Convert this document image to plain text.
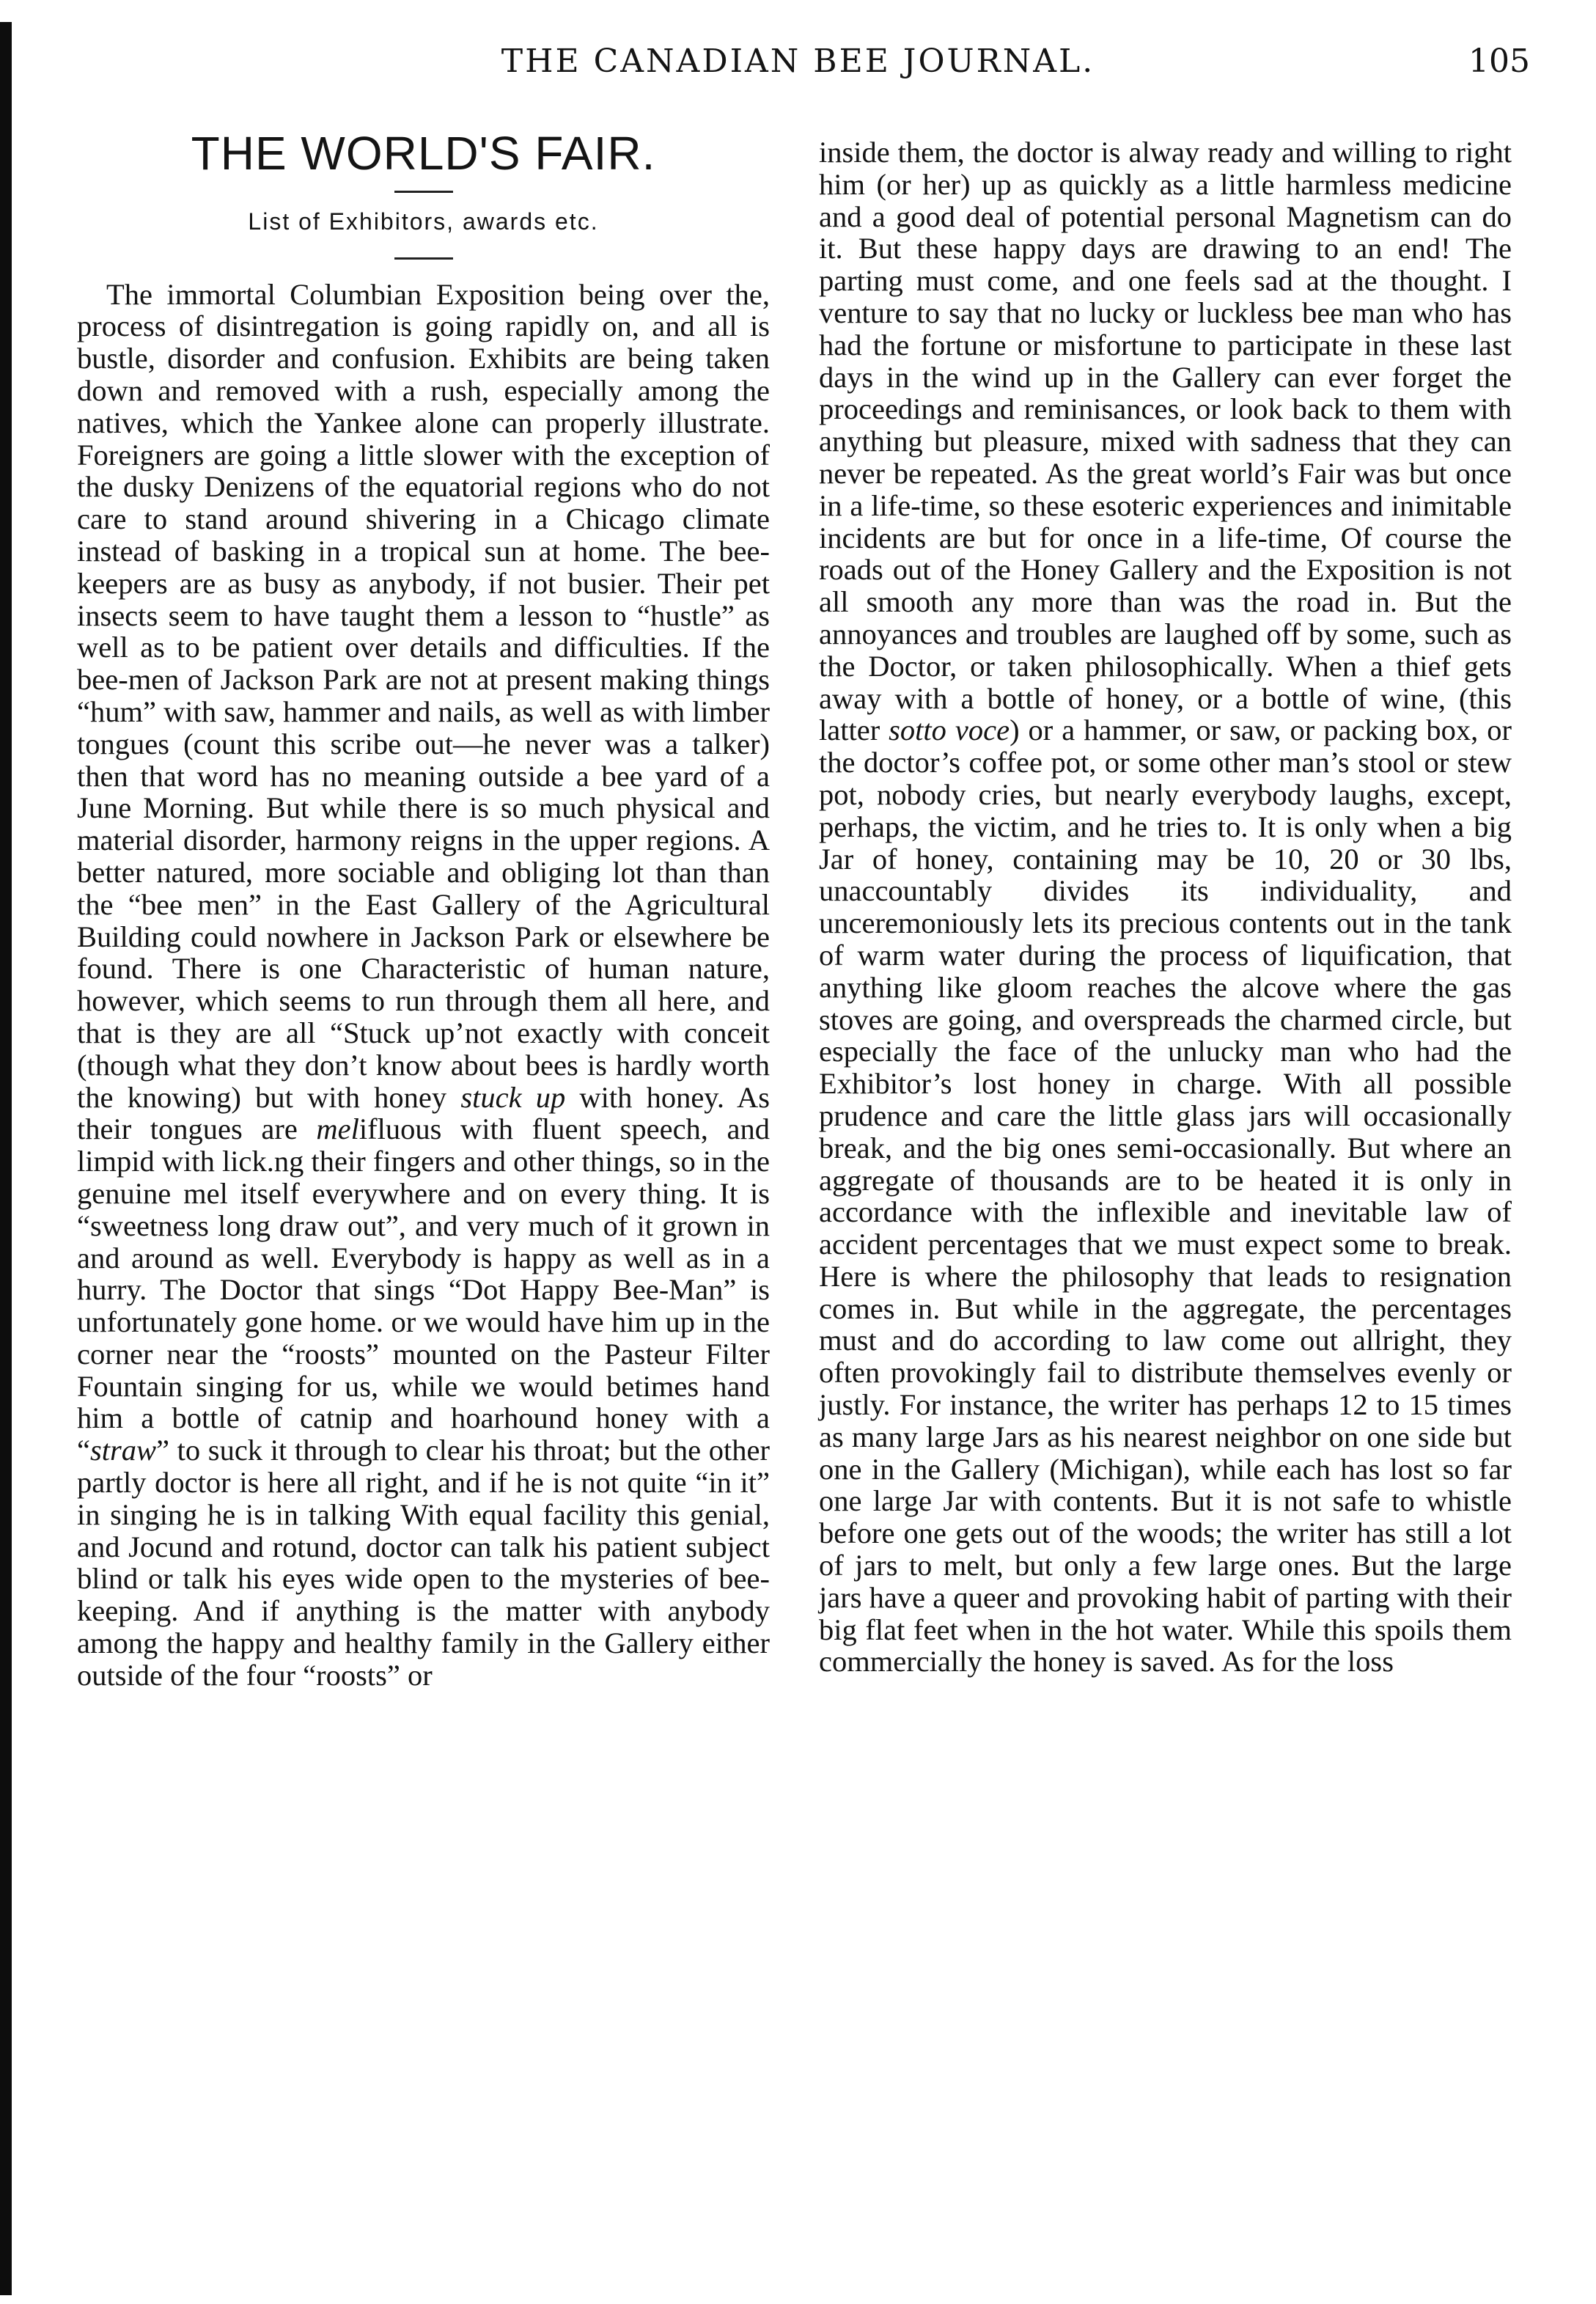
THE CANADIAN BEE JOURNAL.	105
THE WORLD'S FAIR.
List of Exhibitors, awards etc.

The immortal Columbian Exposition being over the, process of disintregation is going rapidly on, and all is bustle, disorder and confusion. Exhibits are being taken down and removed with a rush, especially among the natives, which the Yankee alone can properly illustrate. Foreigners are going a little slower with the exception of the dusky Denizens of the equatorial regions who do not care to stand around shivering in a Chicago climate instead of basking in a tropical sun at home. The bee-keepers are as busy as anybody, if not busier. Their pet insects seem to have taught them a lesson to “hustle” as well as to be patient over details and difficulties. If the bee-men of Jackson Park are not at present making things “hum” with saw, hammer and nails, as well as with limber tongues (count this scribe out—he never was a talker) then that word has no meaning outside a bee yard of a June Morning. But while there is so much physical and material disorder, harmony reigns in the upper regions. A better natured, more sociable and obliging lot than than the “bee men” in the East Gallery of the Agricultural Building could nowhere in Jackson Park or elsewhere be found. There is one Characteristic of human nature, however, which seems to run through them all here, and that is they are all “Stuck up’not exactly with conceit (though what they don’t know about bees is hardly worth the knowing) but with honey stuck up with honey. As their tongues are melifluous with fluent speech, and limpid with lick.ng their fingers and other things, so in the genuine mel itself everywhere and on every thing. It is “sweetness long draw out”, and very much of it grown in and around as well. Everybody is happy as well as in a hurry. The Doctor that sings “Dot Happy Bee-Man” is unfortunately gone home. or we would have him up in the corner near the “roosts” mounted on the Pasteur Filter Fountain singing for us, while we would betimes hand him a bottle of catnip and hoarhound honey with a “straw” to suck it through to clear his throat; but the other partly doctor is here all right, and if he is not quite “in it” in singing he is in talking With equal facility this genial, and Jocund and rotund, doctor can talk his patient subject blind or talk his eyes wide open to the mysteries of bee-keeping. And if anything is the matter with anybody among the happy and healthy family in the Gallery either outside of the four “roosts” or

inside them, the doctor is alway ready and willing to right him (or her) up as quickly as a little harmless medicine and a good deal of potential personal Magnetism can do it. But these happy days are drawing to an end! The parting must come, and one feels sad at the thought. I venture to say that no lucky or luckless bee man who has had the fortune or misfortune to participate in these last days in the wind up in the Gallery can ever forget the proceedings and reminisances, or look back to them with anything but pleasure, mixed with sadness that they can never be repeated. As the great world’s Fair was but once in a life-time, so these esoteric experiences and inimitable incidents are but for once in a life-time, Of course the roads out of the Honey Gallery and the Exposition is not all smooth any more than was the road in. But the annoyances and troubles are laughed off by some, such as the Doctor, or taken philosophically. When a thief gets away with a bottle of honey, or a bottle of wine, (this latter sotto voce) or a hammer, or saw, or packing box, or the doctor’s coffee pot, or some other man’s stool or stew pot, nobody cries, but nearly everybody laughs, except, perhaps, the victim, and he tries to. It is only when a big Jar of honey, containing may be 10, 20 or 30 lbs, unaccountably divides its individuality, and unceremoniously lets its precious contents out in the tank of warm water during the process of liquification, that anything like gloom reaches the alcove where the gas stoves are going, and overspreads the charmed circle, but especially the face of the unlucky man who had the Exhibitor’s lost honey in charge. With all possible prudence and care the little glass jars will occasionally break, and the big ones semi-occasionally. But where an aggregate of thousands are to be heated it is only in accordance with the inflexible and inevitable law of accident percentages that we must expect some to break. Here is where the philosophy that leads to resignation comes in. But while in the aggregate, the percentages must and do according to law come out allright, they often provokingly fail to distribute themselves evenly or justly. For instance, the writer has perhaps 12 to 15 times as many large Jars as his nearest neighbor on one side but one in the Gallery (Michigan), while each has lost so far one large Jar with contents. But it is not safe to whistle before one gets out of the woods; the writer has still a lot of jars to melt, but only a few large ones. But the large jars have a queer and provoking habit of parting with their big flat feet when in the hot water. While this spoils them commercially the honey is saved. As for the loss
